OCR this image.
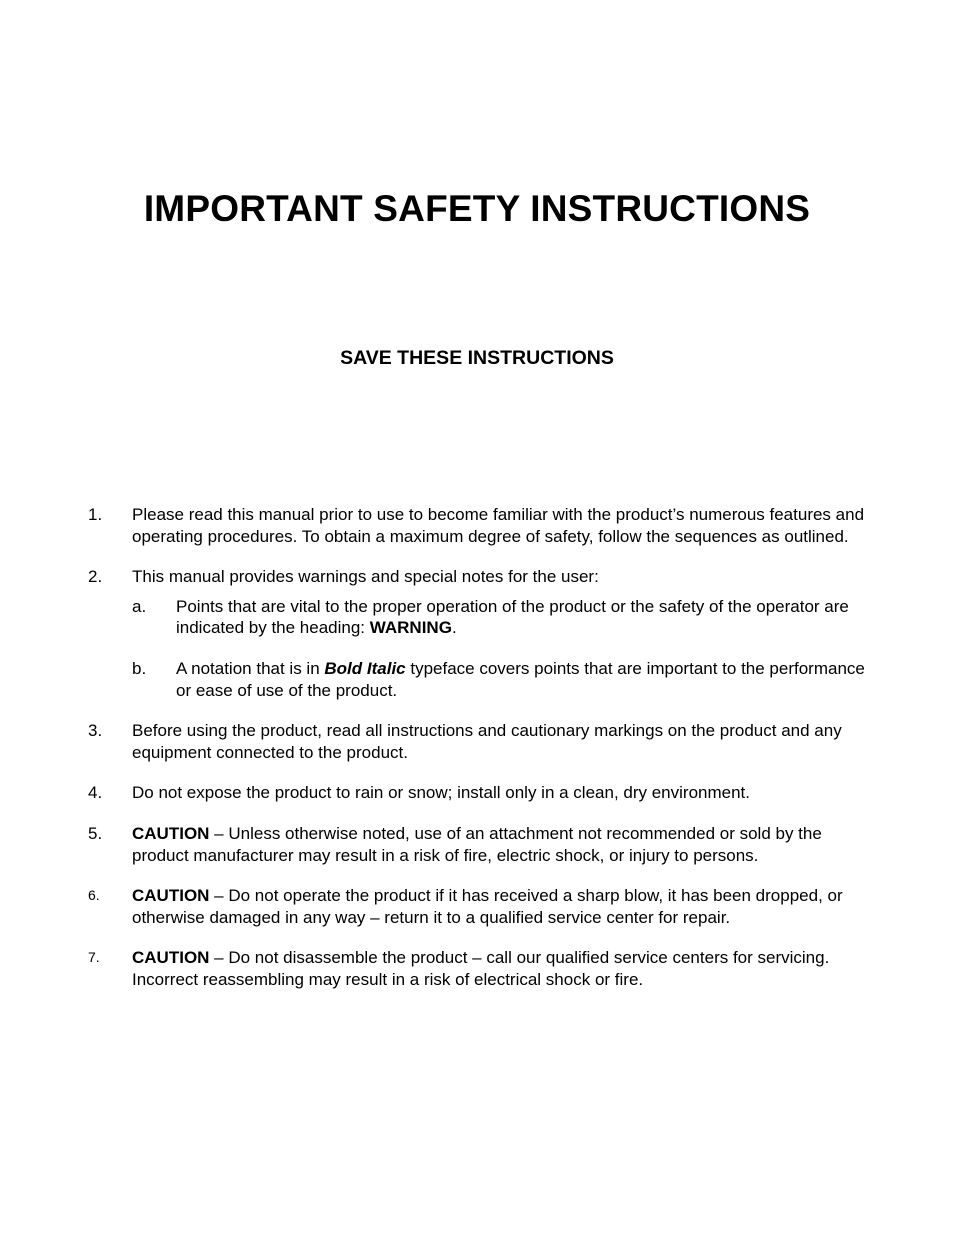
IMPORTANT SAFETY INSTRUCTIONS
SAVE THESE INSTRUCTIONS
1. Please read this manual prior to use to become familiar with the product’s numerous features and operating procedures. To obtain a maximum degree of safety, follow the sequences as outlined.
2. This manual provides warnings and special notes for the user:
a. Points that are vital to the proper operation of the product or the safety of the operator are indicated by the heading: WARNING.
b. A notation that is in Bold Italic typeface covers points that are important to the performance or ease of use of the product.
3. Before using the product, read all instructions and cautionary markings on the product and any equipment connected to the product.
4. Do not expose the product to rain or snow; install only in a clean, dry environment.
5. CAUTION – Unless otherwise noted, use of an attachment not recommended or sold by the product manufacturer may result in a risk of fire, electric shock, or injury to persons.
6. CAUTION – Do not operate the product if it has received a sharp blow, it has been dropped, or otherwise damaged in any way – return it to a qualified service center for repair.
7. CAUTION – Do not disassemble the product – call our qualified service centers for servicing. Incorrect reassembling may result in a risk of electrical shock or fire.
